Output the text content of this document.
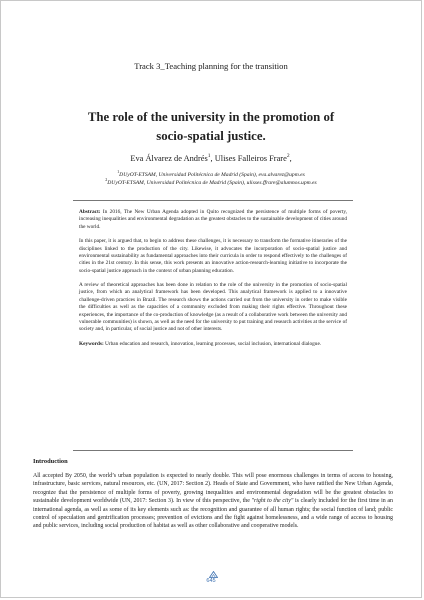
Track 3_Teaching planning for the transition
The role of the university in the promotion of socio-spatial justice.
Eva Álvarez de Andrés$^1$, Ulises Falleiros Frare$^2$,
$^1$DUyOT-ETSAM, Universidad Politécnica de Madrid (Spain), eva.alvarez@upm.es
$^2$DUyOT-ETSAM, Universidad Politécnica de Madrid (Spain), ulisses.ffrare@alumnos.upm.es

Abstract: In 2016, The New Urban Agenda adopted in Quito recognized the persistence of multiple forms of poverty, increasing inequalities and environmental degradation as the greatest obstacles to the sustainable development of cities around the world.

In this paper, it is argued that, to begin to address these challenges, it is necessary to transform the formative itineraries of the disciplines linked to the production of the city. Likewise, it advocates the incorporation of socio-spatial justice and environmental sustainability as fundamental approaches into their curricula in order to respond effectively to the challenges of cities in the 21st century. In this sense, this work presents an innovative action-research-learning initiative to incorporate the socio-spatial justice approach in the context of urban planning education.

A review of theoretical approaches has been done in relation to the role of the university in the promotion of socio-spatial justice, from which an analytical framework has been developed. This analytical framework is applied to a innovative challenge-driven practices in Brazil. The research shows the actions carried out from the university in order to make visible the difficulties as well as the capacities of a community excluded from making their rights effective. Throughout these experiences, the importance of the co-production of knowledge (as a result of a collaborative work between the university and vulnerable communities) is shown, as well as the need for the university to put training and research activities at the service of society and, in particular, of social justice and not of other interests.

Keywords: Urban education and research, innovation, learning processes, social inclusion, international dialogue.

Introduction

All accepted By 2050, the world’s urban population is expected to nearly double. This will pose enormous challenges in terms of access to housing, infrastructure, basic services, natural resources, etc. (UN, 2017: Section 2). Heads of State and Government, who have ratified the New Urban Agenda, recognize that the persistence of multiple forms of poverty, growing inequalities and environmental degradation will be the greatest obstacles to sustainable development worldwide (UN, 2017: Section 3). In view of this perspective, the "right to the city" is clearly included for the first time in an international agenda, as well as some of its key elements such as: the recognition and guarantee of all human rights; the social function of land; public control of speculation and gentrification processes; prevention of evictions and the fight against homelessness, and a wide range of access to housing and public services, including social production of habitat as well as other collaborative and cooperative models.

645
